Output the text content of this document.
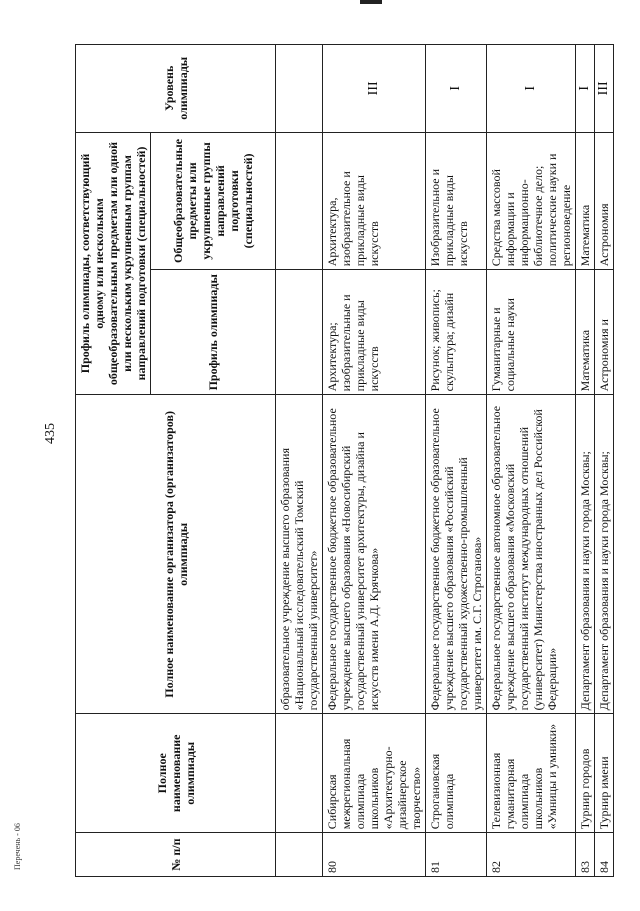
435
Перечень - 06	№ п/п	Полное наименование олимпиады	Полное наименование организатора (организаторов) олимпиады	Профиль олимпиады, соответствующий одному или нескольким общеобразовательным предметам или одной или нескольким укрупненным группам направлений подготовки (специальностей)		Уровень олимпиады
			Профиль олимпиады	Общеобразовательные предметы или укрупненные группы направлений подготовки (специальностей)	
		образовательное учреждение высшего образования «Национальный исследовательский Томский государственный университет»			
80	Сибирская межрегиональная олимпиада школьников «Архитектурно-дизайнерское творчество»	Федеральное государственное бюджетное образовательное учреждение высшего образования «Новосибирский государственный университет архитектуры, дизайна и искусств имени А.Д. Крячкова»	Архитектура; изобразительные и прикладные виды искусств	Архитектура, изобразительное и прикладные виды искусств	III
81	Строгановская олимпиада	Федеральное государственное бюджетное образовательное учреждение высшего образования «Российский государственный художественно-промышленный университет им. С.Г. Строганова»	Рисунок; живопись; скульптура; дизайн	Изобразительное и прикладные виды искусств	I
82	Телевизионная гуманитарная олимпиада школьников «Умницы и умники»	Федеральное государственное автономное образовательное учреждение высшего образования «Московский государственный институт международных отношений (университет) Министерства иностранных дел Российской Федерации»	Гуманитарные и социальные науки	Средства массовой информации и информационно-библиотечное дело; политические науки и регионоведение	I
83	Турнир городов	Департамент образования и науки города Москвы;	Математика	Математика	I
84	Турнир имени	Департамент образования и науки города Москвы;	Астрономия и	Астрономия	III
